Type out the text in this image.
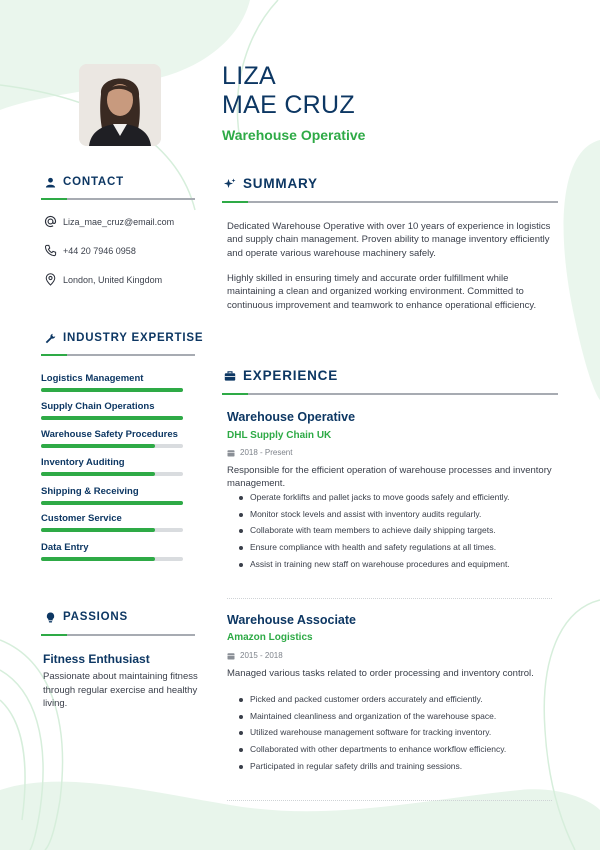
LIZA
MAE CRUZ
Warehouse Operative
CONTACT
Liza_mae_cruz@email.com
+44 20 7946 0958
London, United Kingdom
INDUSTRY EXPERTISE
Logistics Management
Supply Chain Operations
Warehouse Safety Procedures
Inventory Auditing
Shipping & Receiving
Customer Service
Data Entry
PASSIONS
Fitness Enthusiast
Passionate about maintaining fitness through regular exercise and healthy living.
SUMMARY
Dedicated Warehouse Operative with over 10 years of experience in logistics and supply chain management. Proven ability to manage inventory efficiently and operate various warehouse machinery safely.
Highly skilled in ensuring timely and accurate order fulfillment while maintaining a clean and organized working environment. Committed to continuous improvement and teamwork to enhance operational efficiency.
EXPERIENCE
Warehouse Operative
DHL Supply Chain UK
2018 - Present
Responsible for the efficient operation of warehouse processes and inventory management.
Operate forklifts and pallet jacks to move goods safely and efficiently.
Monitor stock levels and assist with inventory audits regularly.
Collaborate with team members to achieve daily shipping targets.
Ensure compliance with health and safety regulations at all times.
Assist in training new staff on warehouse procedures and equipment.
Warehouse Associate
Amazon Logistics
2015 - 2018
Managed various tasks related to order processing and inventory control.
Picked and packed customer orders accurately and efficiently.
Maintained cleanliness and organization of the warehouse space.
Utilized warehouse management software for tracking inventory.
Collaborated with other departments to enhance workflow efficiency.
Participated in regular safety drills and training sessions.
